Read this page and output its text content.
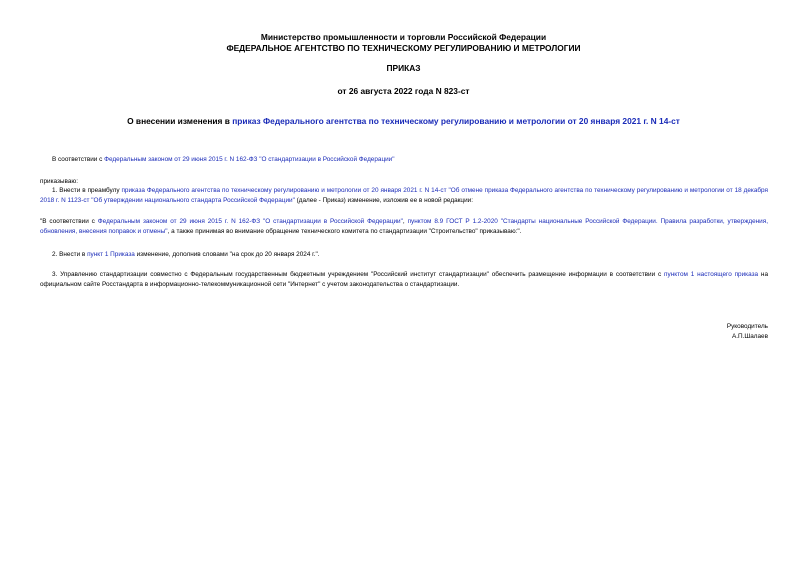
Министерство промышленности и торговли Российской Федерации
ФЕДЕРАЛЬНОЕ АГЕНТСТВО ПО ТЕХНИЧЕСКОМУ РЕГУЛИРОВАНИЮ И МЕТРОЛОГИИ
ПРИКАЗ
от 26 августа 2022 года N 823-ст
О внесении изменения в приказ Федерального агентства по техническому регулированию и метрологии от 20 января 2021 г. N 14-ст
В соответствии с Федеральным законом от 29 июня 2015 г. N 162-ФЗ "О стандартизации в Российской Федерации"
приказываю:
1. Внести в преамбулу приказа Федерального агентства по техническому регулированию и метрологии от 20 января 2021 г. N 14-ст "Об отмене приказа Федерального агентства по техническому регулированию и метрологии от 18 декабря 2018 г. N 1123-ст "Об утверждении национального стандарта Российской Федерации" (далее - Приказ) изменение, изложив ее в новой редакции:
"В соответствии с Федеральным законом от 29 июня 2015 г. N 162-ФЗ "О стандартизации в Российской Федерации", пунктом 8.9 ГОСТ Р 1.2-2020 "Стандарты национальные Российской Федерации. Правила разработки, утверждения, обновления, внесения поправок и отмены", а также принимая во внимание обращение технического комитета по стандартизации "Строительство" приказываю:".
2. Внести в пункт 1 Приказа изменение, дополнив словами "на срок до 20 января 2024 г.".
3. Управлению стандартизации совместно с Федеральным государственным бюджетным учреждением "Российский институт стандартизации" обеспечить размещение информации в соответствии с пунктом 1 настоящего приказа на официальном сайте Росстандарта в информационно-телекоммуникационной сети "Интернет" с учетом законодательства о стандартизации.
Руководитель
А.П.Шалаев
